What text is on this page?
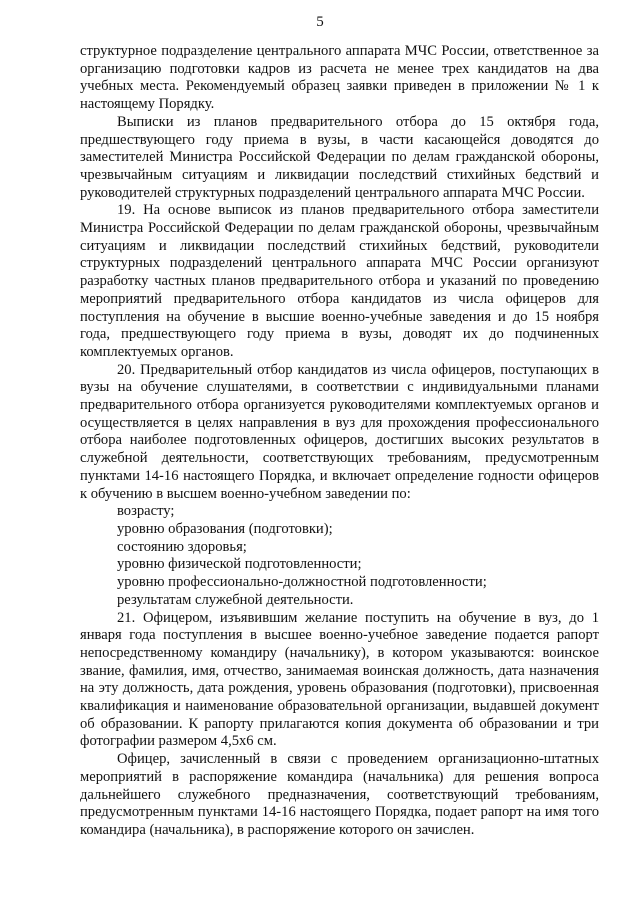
5

структурное подразделение центрального аппарата МЧС России, ответственное за организацию подготовки кадров из расчета не менее трех кандидатов на два учебных места. Рекомендуемый образец заявки приведен в приложении № 1 к настоящему Порядку.

Выписки из планов предварительного отбора до 15 октября года, предшествующего году приема в вузы, в части касающейся доводятся до заместителей Министра Российской Федерации по делам гражданской обороны, чрезвычайным ситуациям и ликвидации последствий стихийных бедствий и руководителей структурных подразделений центрального аппарата МЧС России.

19. На основе выписок из планов предварительного отбора заместители Министра Российской Федерации по делам гражданской обороны, чрезвычайным ситуациям и ликвидации последствий стихийных бедствий, руководители структурных подразделений центрального аппарата МЧС России организуют разработку частных планов предварительного отбора и указаний по проведению мероприятий предварительного отбора кандидатов из числа офицеров для поступления на обучение в высшие военно-учебные заведения и до 15 ноября года, предшествующего году приема в вузы, доводят их до подчиненных комплектуемых органов.

20. Предварительный отбор кандидатов из числа офицеров, поступающих в вузы на обучение слушателями, в соответствии с индивидуальными планами предварительного отбора организуется руководителями комплектуемых органов и осуществляется в целях направления в вуз для прохождения профессионального отбора наиболее подготовленных офицеров, достигших высоких результатов в служебной деятельности, соответствующих требованиям, предусмотренным пунктами 14-16 настоящего Порядка, и включает определение годности офицеров к обучению в высшем военно-учебном заведении по:

возрасту;

уровню образования (подготовки);

состоянию здоровья;

уровню физической подготовленности;

уровню профессионально-должностной подготовленности;

результатам служебной деятельности.

21. Офицером, изъявившим желание поступить на обучение в вуз, до 1 января года поступления в высшее военно-учебное заведение подается рапорт непосредственному командиру (начальнику), в котором указываются: воинское звание, фамилия, имя, отчество, занимаемая воинская должность, дата назначения на эту должность, дата рождения, уровень образования (подготовки), присвоенная квалификация и наименование образовательной организации, выдавшей документ об образовании. К рапорту прилагаются копия документа об образовании и три фотографии размером 4,5х6 см.

Офицер, зачисленный в связи с проведением организационно-штатных мероприятий в распоряжение командира (начальника) для решения вопроса дальнейшего служебного предназначения, соответствующий требованиям, предусмотренным пунктами 14-16 настоящего Порядка, подает рапорт на имя того командира (начальника), в распоряжение которого он зачислен.
